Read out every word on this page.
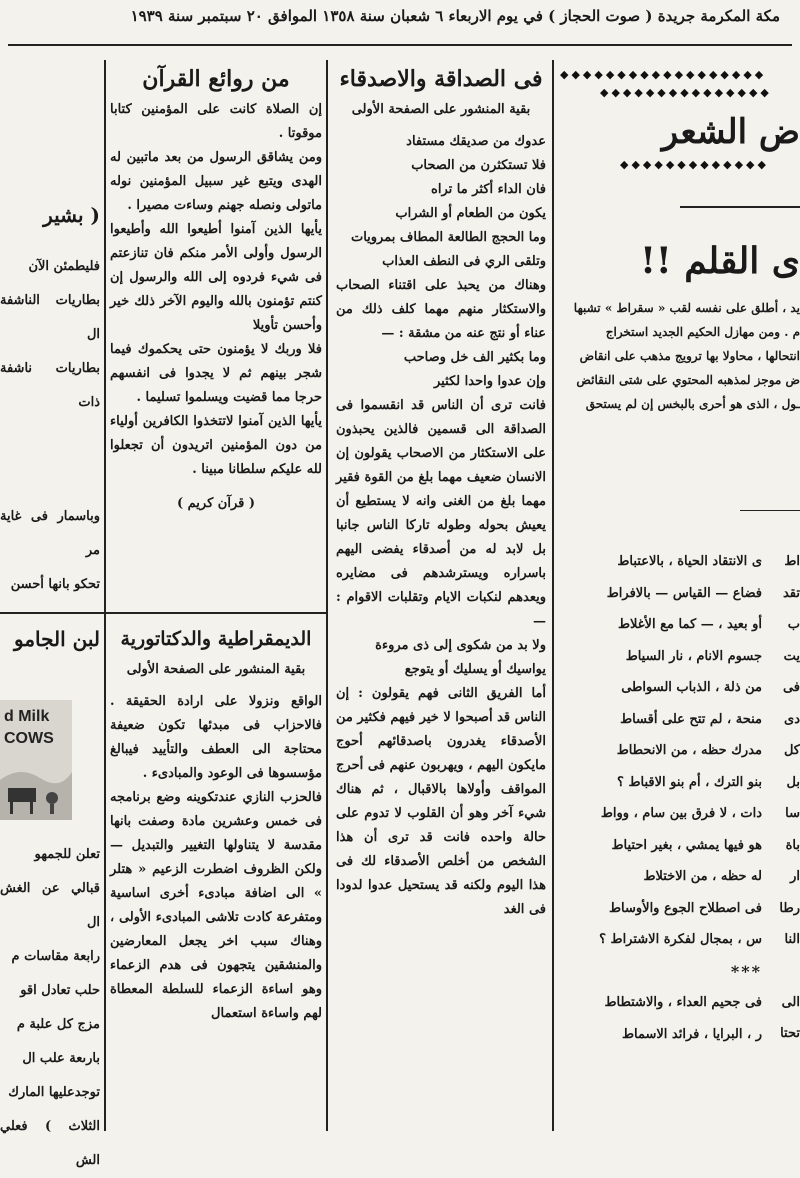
مكة المكرمة جريدة ( صوت الحجاز ) في يوم الاربعاء ٦ شعبان سنة ١٣٥٨ الموافق ٢٠ سبتمبر سنة ١٩٣٩
◆◆◆◆◆◆◆◆◆◆◆◆◆◆◆◆◆◆
◆◆◆◆◆◆◆◆◆◆◆◆◆◆◆
ض الشعر
◆◆◆◆◆◆◆◆◆◆◆◆◆
ى القلم !!

يد ، أطلق على نفسه لقب « سقراط » تشبها

م . ومن مهازل الحكيم الجديد استخراج

انتحالها ، محاولا بها ترويج مذهب على انقاض

ض موجز لمذهبه المحتوي على شتى النقائض

ـول ، الذى هو أحرى بالبخس إن لم يستحق

ى الانتقاد الحياة ، بالاعتباط

فضاع — القياس — بالافراط

أو بعيد ، — كما مع الأغلاط

جسوم الانام ، نار السياط

من ذلة ، الذباب السواطى

منحة ، لم تتح على أقساط

مدرك حظه ، من الانحطاط

بنو الترك ، أم بنو الاقباط ؟

دات ، لا فرق بين سام ، وواط

هو فيها يمشي ، بغير احتياط

له حظه ، من الاختلاط

فى اصطلاح الجوع والأوساط

س ، بمجال لفكرة الاشتراط ؟

***

فى جحيم العداء ، والاشتطاط

ر ، البرايا ، فرائد الاسماط

اط

تقد

ب

يت

فى

دى

كل

بل

سا

باة

ار

رطا

النا

الى

تحتا

فى الصداقة والاصدقاء
بقية المنشور على الصفحة الأولى

عدوك من صديقك مستفاد

فلا تستكثرن من الصحاب

فان الداء أكثر ما تراه

يكون من الطعام أو الشراب

وما الحجج الطالعة المطاف بمرويات

وتلقى الري فى النطف العذاب

وهناك من يحبذ على اقتناء الصحاب والاستكثار منهم مهما كلف ذلك من عناء أو نتج عنه من مشقة : —

وما بكثير الف خل وصاحب

وإن عدوا واحدا لكثير

فانت ترى أن الناس قد انقسموا فى الصداقة الى قسمين فالذين يحبذون على الاستكثار من الاصحاب يقولون إن الانسان ضعيف مهما بلغ من القوة فقير مهما بلغ من الغنى وانه لا يستطيع أن يعيش بحوله وطوله تاركا الناس جانبا بل لابد له من أصدقاء يفضى اليهم باسراره ويسترشدهم فى مضايره ويعدهم لنكبات الايام وتقلبات الاقوام : —

ولا بد من شكوى إلى ذى مروءة

يواسيك أو يسليك أو يتوجع

أما الفريق الثانى فهم يقولون : إن الناس قد أصبحوا لا خير فيهم فكثير من الأصدقاء يغدرون باصدقائهم أحوج مايكون اليهم ، ويهربون عنهم فى أحرج المواقف وأولاها بالاقبال ، ثم هناك شيء آخر وهو أن القلوب لا تدوم على حالة واحده فانت قد ترى أن هذا الشخص من أخلص الأصدقاء لك فى هذا اليوم ولكنه قد يستحيل عدوا لدودا فى الغد

من روائع القرآن

إن الصلاة كانت على المؤمنين كتابا موقوتا .

ومن يشاقق الرسول من بعد ماتبين له الهدى ويتبع غير سبيل المؤمنين نوله ماتولى ونصله جهنم وساءت مصيرا .

يأيها الذين آمنوا أطيعوا الله وأطيعوا الرسول وأولى الأمر منكم فان تنازعتم فى شيء فردوه إلى الله والرسول إن كنتم تؤمنون بالله واليوم الآخر ذلك خير وأحسن تأويلا

فلا وربك لا يؤمنون حتى يحكموك فيما شجر بينهم ثم لا يجدوا فى انفسهم حرجا مما قضيت ويسلموا تسليما .

يأيها الذين آمنوا لاتتخذوا الكافرين أولياء من دون المؤمنين اتريدون أن تجعلوا لله عليكم سلطانا مبينا .

( قرآن كريم )
الديمقراطية والدكتاتورية
بقية المنشور على الصفحة الأولى

الواقع ونزولا على ارادة الحقيقة . فالاحزاب فى مبدئها تكون ضعيفة محتاجة الى العطف والتأييد فيبالغ مؤسسوها فى الوعود والمبادىء .

فالحزب النازي عندتكوينه وضع برنامجه فى خمس وعشرين مادة وصفت بانها مقدسة لا يتناولها التغيير والتبديل — ولكن الظروف اضطرت الزعيم « هتلر » الى اضافة مبادىء أخرى اساسية ومتفرعة كادت تلاشى المبادىء الأولى ، وهناك سبب اخر يجعل المعارضين والمنشقين يتجهون فى هدم الزعماء وهو اساءة الزعماء للسلطة المعطاة لهم واساءة استعمال

( بشير

فليطمئن الآن

بطاريات الناشفة ال

بطاريات ناشفة ذات

وباسمار فى غاية مر

تحكو بانها أحسن

لبن الجامو
d Milk
COWS

تعلن للجمهو

قبالي عن الغش ال

رابعة مقاسات م

حلب تعادل اقو

مزج كل علبة م

بارىعة علب ال

توجدعليها المارك

الثلاث ) فعلي الش
